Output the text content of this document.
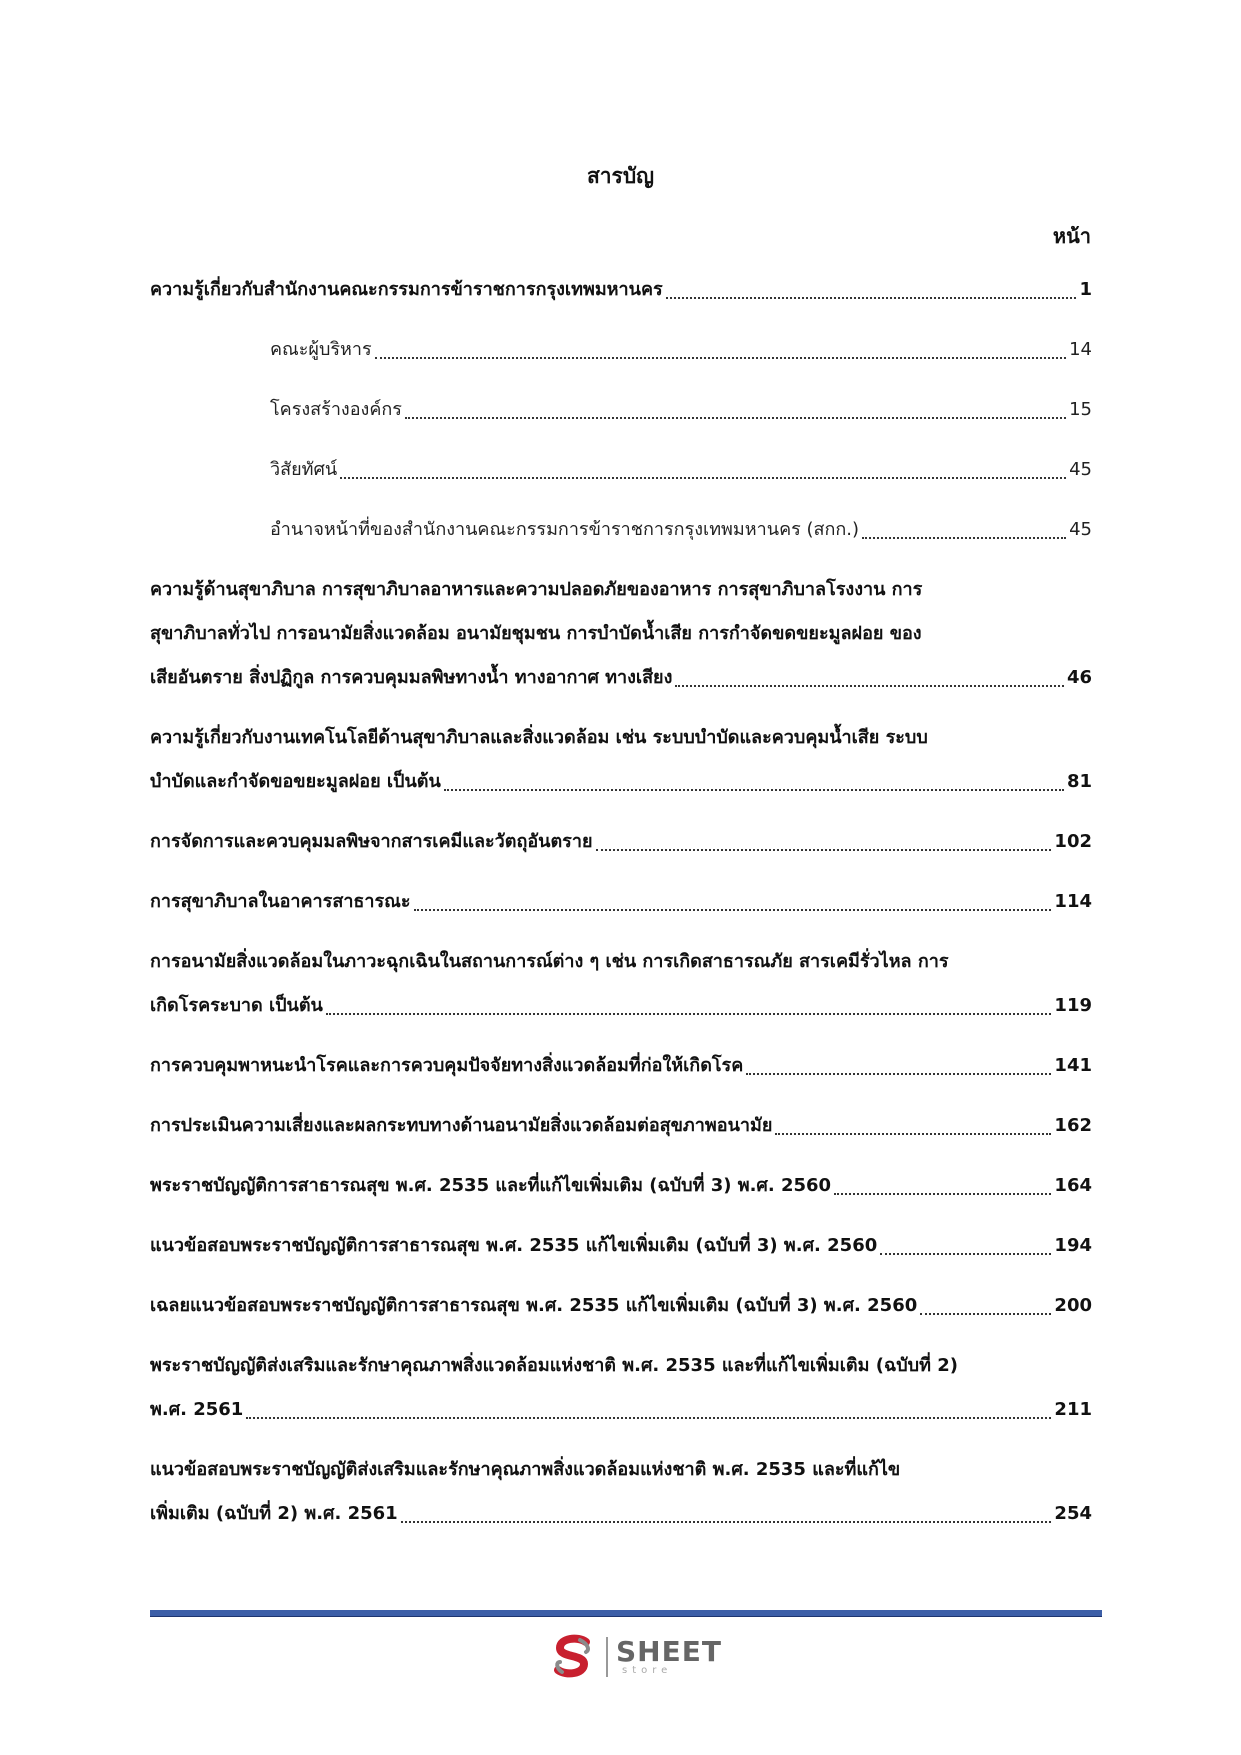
สารบัญ
หน้า
ความรู้เกี่ยวกับสำนักงานคณะกรรมการข้าราชการกรุงเทพมหานคร	1
คณะผู้บริหาร	14
โครงสร้างองค์กร	15
วิสัยทัศน์	45
อำนาจหน้าที่ของสำนักงานคณะกรรมการข้าราชการกรุงเทพมหานคร (สกก.)	45
ความรู้ด้านสุขาภิบาล การสุขาภิบาลอาหารและความปลอดภัยของอาหาร การสุขาภิบาลโรงงาน การ
สุขาภิบาลทั่วไป การอนามัยสิ่งแวดล้อม อนามัยชุมชน การบำบัดน้ำเสีย การกำจัดขดขยะมูลฝอย ของ
เสียอันตราย สิ่งปฏิกูล การควบคุมมลพิษทางน้ำ ทางอากาศ ทางเสียง	46
ความรู้เกี่ยวกับงานเทคโนโลยีด้านสุขาภิบาลและสิ่งแวดล้อม เช่น ระบบบำบัดและควบคุมน้ำเสีย ระบบ
บำบัดและกำจัดขอขยะมูลฝอย เป็นต้น	81
การจัดการและควบคุมมลพิษจากสารเคมีและวัตถุอันตราย	102
การสุขาภิบาลในอาคารสาธารณะ	114
การอนามัยสิ่งแวดล้อมในภาวะฉุกเฉินในสถานการณ์ต่าง ๆ เช่น การเกิดสาธารณภัย สารเคมีรั่วไหล การ
เกิดโรคระบาด เป็นต้น	119
การควบคุมพาหนะนำโรคและการควบคุมปัจจัยทางสิ่งแวดล้อมที่ก่อให้เกิดโรค	141
การประเมินความเสี่ยงและผลกระทบทางด้านอนามัยสิ่งแวดล้อมต่อสุขภาพอนามัย	162
พระราชบัญญัติการสาธารณสุข พ.ศ. 2535 และที่แก้ไขเพิ่มเติม (ฉบับที่ 3) พ.ศ. 2560	164
แนวข้อสอบพระราชบัญญัติการสาธารณสุข พ.ศ. 2535 แก้ไขเพิ่มเติม (ฉบับที่ 3) พ.ศ. 2560	194
เฉลยแนวข้อสอบพระราชบัญญัติการสาธารณสุข พ.ศ. 2535 แก้ไขเพิ่มเติม (ฉบับที่ 3) พ.ศ. 2560	200
พระราชบัญญัติส่งเสริมและรักษาคุณภาพสิ่งแวดล้อมแห่งชาติ พ.ศ. 2535 และที่แก้ไขเพิ่มเติม (ฉบับที่ 2)
พ.ศ. 2561	211
แนวข้อสอบพระราชบัญญัติส่งเสริมและรักษาคุณภาพสิ่งแวดล้อมแห่งชาติ พ.ศ. 2535 และที่แก้ไข
เพิ่มเติม (ฉบับที่ 2) พ.ศ. 2561	254
SHEET
store
